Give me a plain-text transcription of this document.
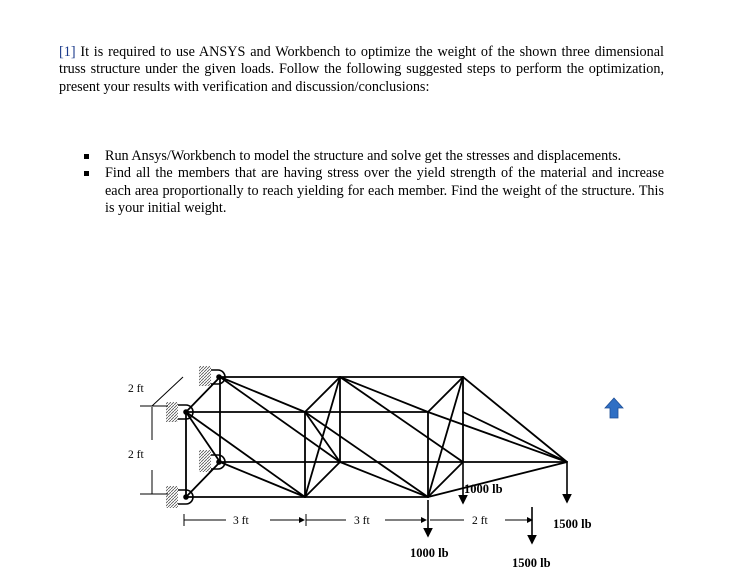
[1] It is required to use ANSYS and Workbench to optimize the weight of the shown three dimensional truss structure under the given loads. Follow the following suggested steps to perform the optimization, present your results with verification and discussion/conclusions:

Run Ansys/Workbench to model the structure and solve get the stresses and displacements.
Find all the members that are having stress over the yield strength of the material and increase each area proportionally to reach yielding for each member. Find the weight of the structure. This is your initial weight.
2 ft
2 ft
3 ft	3 ft	2 ft
1000 lb
1000 lb
1500 lb
1500 lb
